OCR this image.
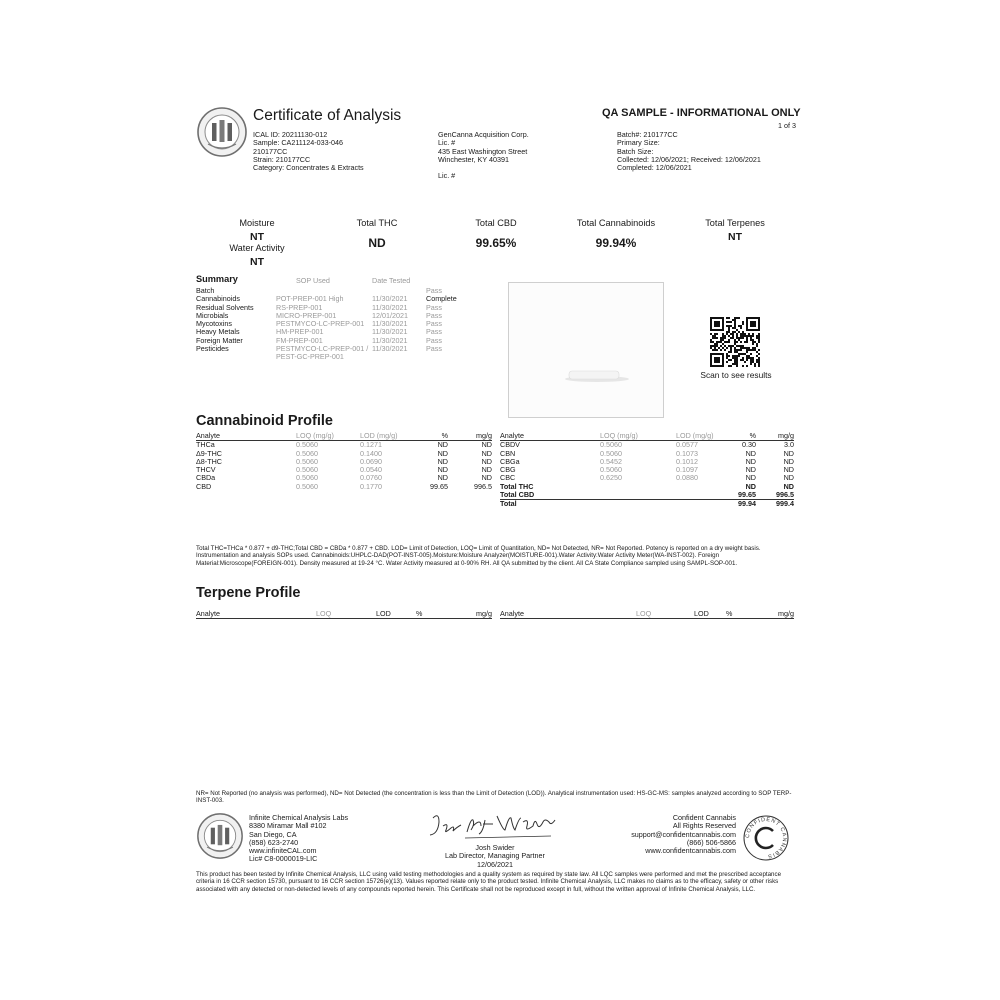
Certificate of Analysis
ICAL ID: 20211130-012
Sample: CA211124-033-046
210177CC
Strain: 210177CC
Category: Concentrates & Extracts
GenCanna Acquisition Corp.
Lic. #
435 East Washington Street
Winchester, KY 40391
Lic. #
QA SAMPLE - INFORMATIONAL ONLY
1 of 3
Batch#: 210177CC
Primary Size:
Batch Size:
Collected: 12/06/2021; Received: 12/06/2021
Completed: 12/06/2021
Moisture
NT
Water Activity
NT
Total THC
ND
Total CBD
99.65%
Total Cannabinoids
99.94%
Total Terpenes
NT
Summary	SOP Used	Date Tested
Batch			Pass
Cannabinoids	POT-PREP-001 High	11/30/2021	Complete
Residual Solvents	RS-PREP-001	11/30/2021	Pass
Microbials	MICRO-PREP-001	12/01/2021	Pass
Mycotoxins	PESTMYCO-LC-PREP-001	11/30/2021	Pass
Heavy Metals	HM-PREP-001	11/30/2021	Pass
Foreign Matter	FM-PREP-001	11/30/2021	Pass
Pesticides	PESTMYCO-LC-PREP-001 /	11/30/2021	Pass
	PEST-GC-PREP-001		
Scan to see results
Cannabinoid Profile
Analyte	LOQ (mg/g)	LOD (mg/g)	%	mg/g
THCa	0.5060	0.1271	ND	ND
Δ9-THC	0.5060	0.1400	ND	ND
Δ8-THC	0.5060	0.0690	ND	ND
THCV	0.5060	0.0540	ND	ND
CBDa	0.5060	0.0760	ND	ND
CBD	0.5060	0.1770	99.65	996.5
Analyte	LOQ (mg/g)	LOD (mg/g)	%	mg/g
CBDV	0.5060	0.0577	0.30	3.0
CBN	0.5060	0.1073	ND	ND
CBGa	0.5452	0.1012	ND	ND
CBG	0.5060	0.1097	ND	ND
CBC	0.6250	0.0880	ND	ND
Total THC			ND	ND
Total CBD			99.65	996.5
Total			99.94	999.4
Total THC=THCa * 0.877 + d9-THC;Total CBD = CBDa * 0.877 + CBD. LOD= Limit of Detection, LOQ= Limit of Quantitation, ND= Not Detected, NR= Not Reported. Potency is reported on a dry weight basis. Instrumentation and analysis SOPs used. Cannabinoids:UHPLC-DAD(POT-INST-005).Moisture:Moisture Analyzer(MOISTURE-001).Water Activity:Water Activity Meter(WA-INST-002). Foreign Material:Microscope(FOREIGN-001). Density measured at 19-24 °C. Water Activity measured at 0-90% RH. All QA submitted by the client. All CA State Compliance sampled using SAMPL-SOP-001.
Terpene Profile
Analyte	LOQ	LOD	%	mg/g Analyte	LOQ	LOD	%	mg/g
NR= Not Reported (no analysis was performed), ND= Not Detected (the concentration is less than the Limit of Detection (LOD)). Analytical instrumentation used: HS-GC-MS: samples analyzed according to SOP TERP-INST-003.
Infinite Chemical Analysis Labs
8380 Miramar Mall #102
San Diego, CA
(858) 623-2740
www.infiniteCAL.com
Lic# C8-0000019-LIC
Josh Swider
Lab Director, Managing Partner
12/06/2021
Confident Cannabis
All Rights Reserved
support@confidentcannabis.com
(866) 506-5866
www.confidentcannabis.com
CONFIDENT CANNABIS
This product has been tested by Infinite Chemical Analysis, LLC using valid testing methodologies and a quality system as required by state law. All LQC samples were performed and met the prescribed acceptance criteria in 16 CCR section 15730, pursuant to 16 CCR section 15726(e)(13). Values reported relate only to the product tested. Infinite Chemical Analysis, LLC makes no claims as to the efficacy, safety or other risks associated with any detected or non-detected levels of any compounds reported herein. This Certificate shall not be reproduced except in full, without the written approval of Infinite Chemical Analysis, LLC.
